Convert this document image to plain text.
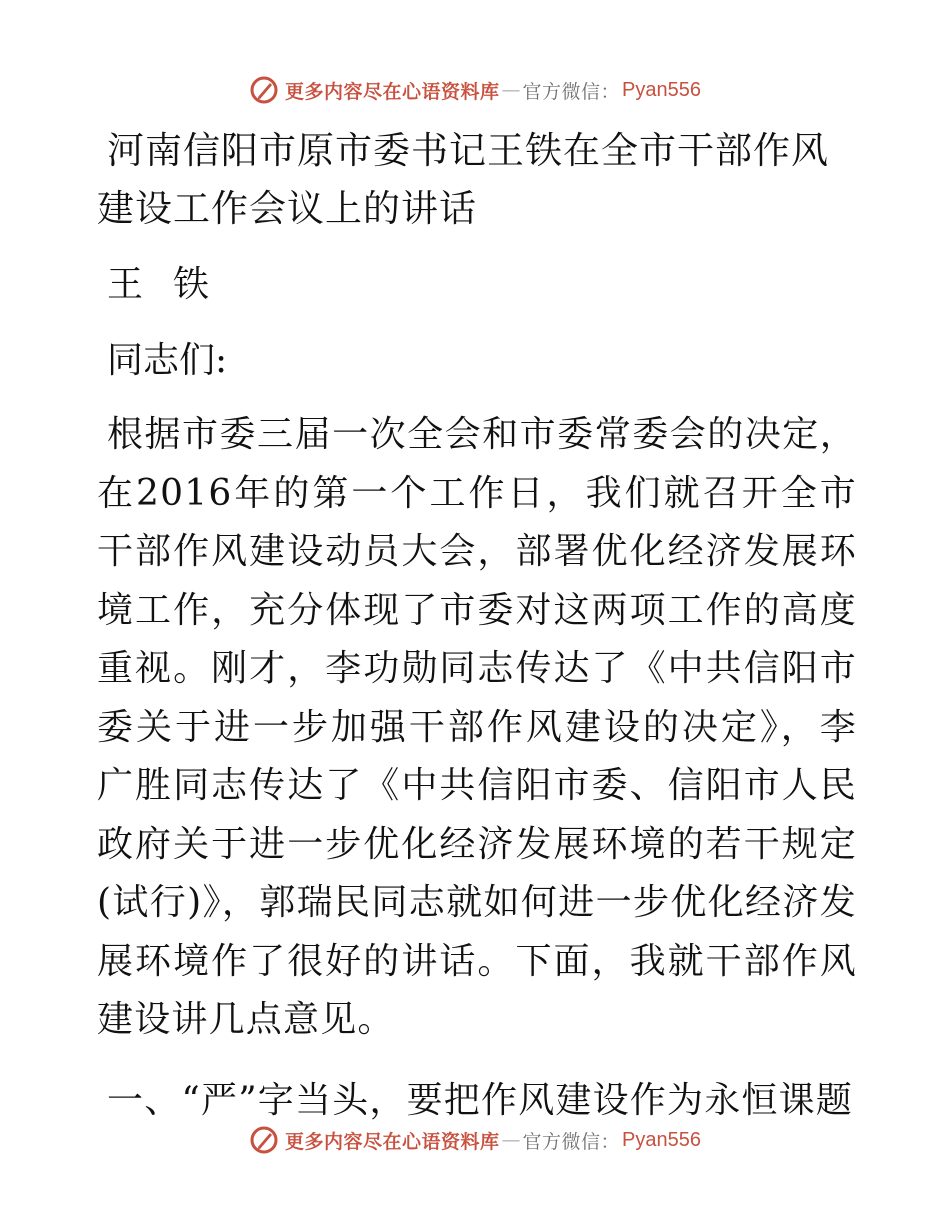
更多内容尽在心语资料库 — 官方微信： Pyan556
河南信阳市原市委书记王铁在全市干部作风建设工作会议上的讲话

王 铁

同志们:

根据市委三届一次全会和市委常委会的决定，在2016年的第一个工作日，我们就召开全市干部作风建设动员大会，部署优化经济发展环境工作，充分体现了市委对这两项工作的高度重视。刚才，李功勋同志传达了《中共信阳市委关于进一步加强干部作风建设的决定》，李广胜同志传达了《中共信阳市委、信阳市人民政府关于进一步优化经济发展环境的若干规定(试行)》，郭瑞民同志就如何进一步优化经济发展环境作了很好的讲话。下面，我就干部作风建设讲几点意见。

一、“严”字当头，要把作风建设作为永恒课题

更多内容尽在心语资料库 — 官方微信： Pyan556
